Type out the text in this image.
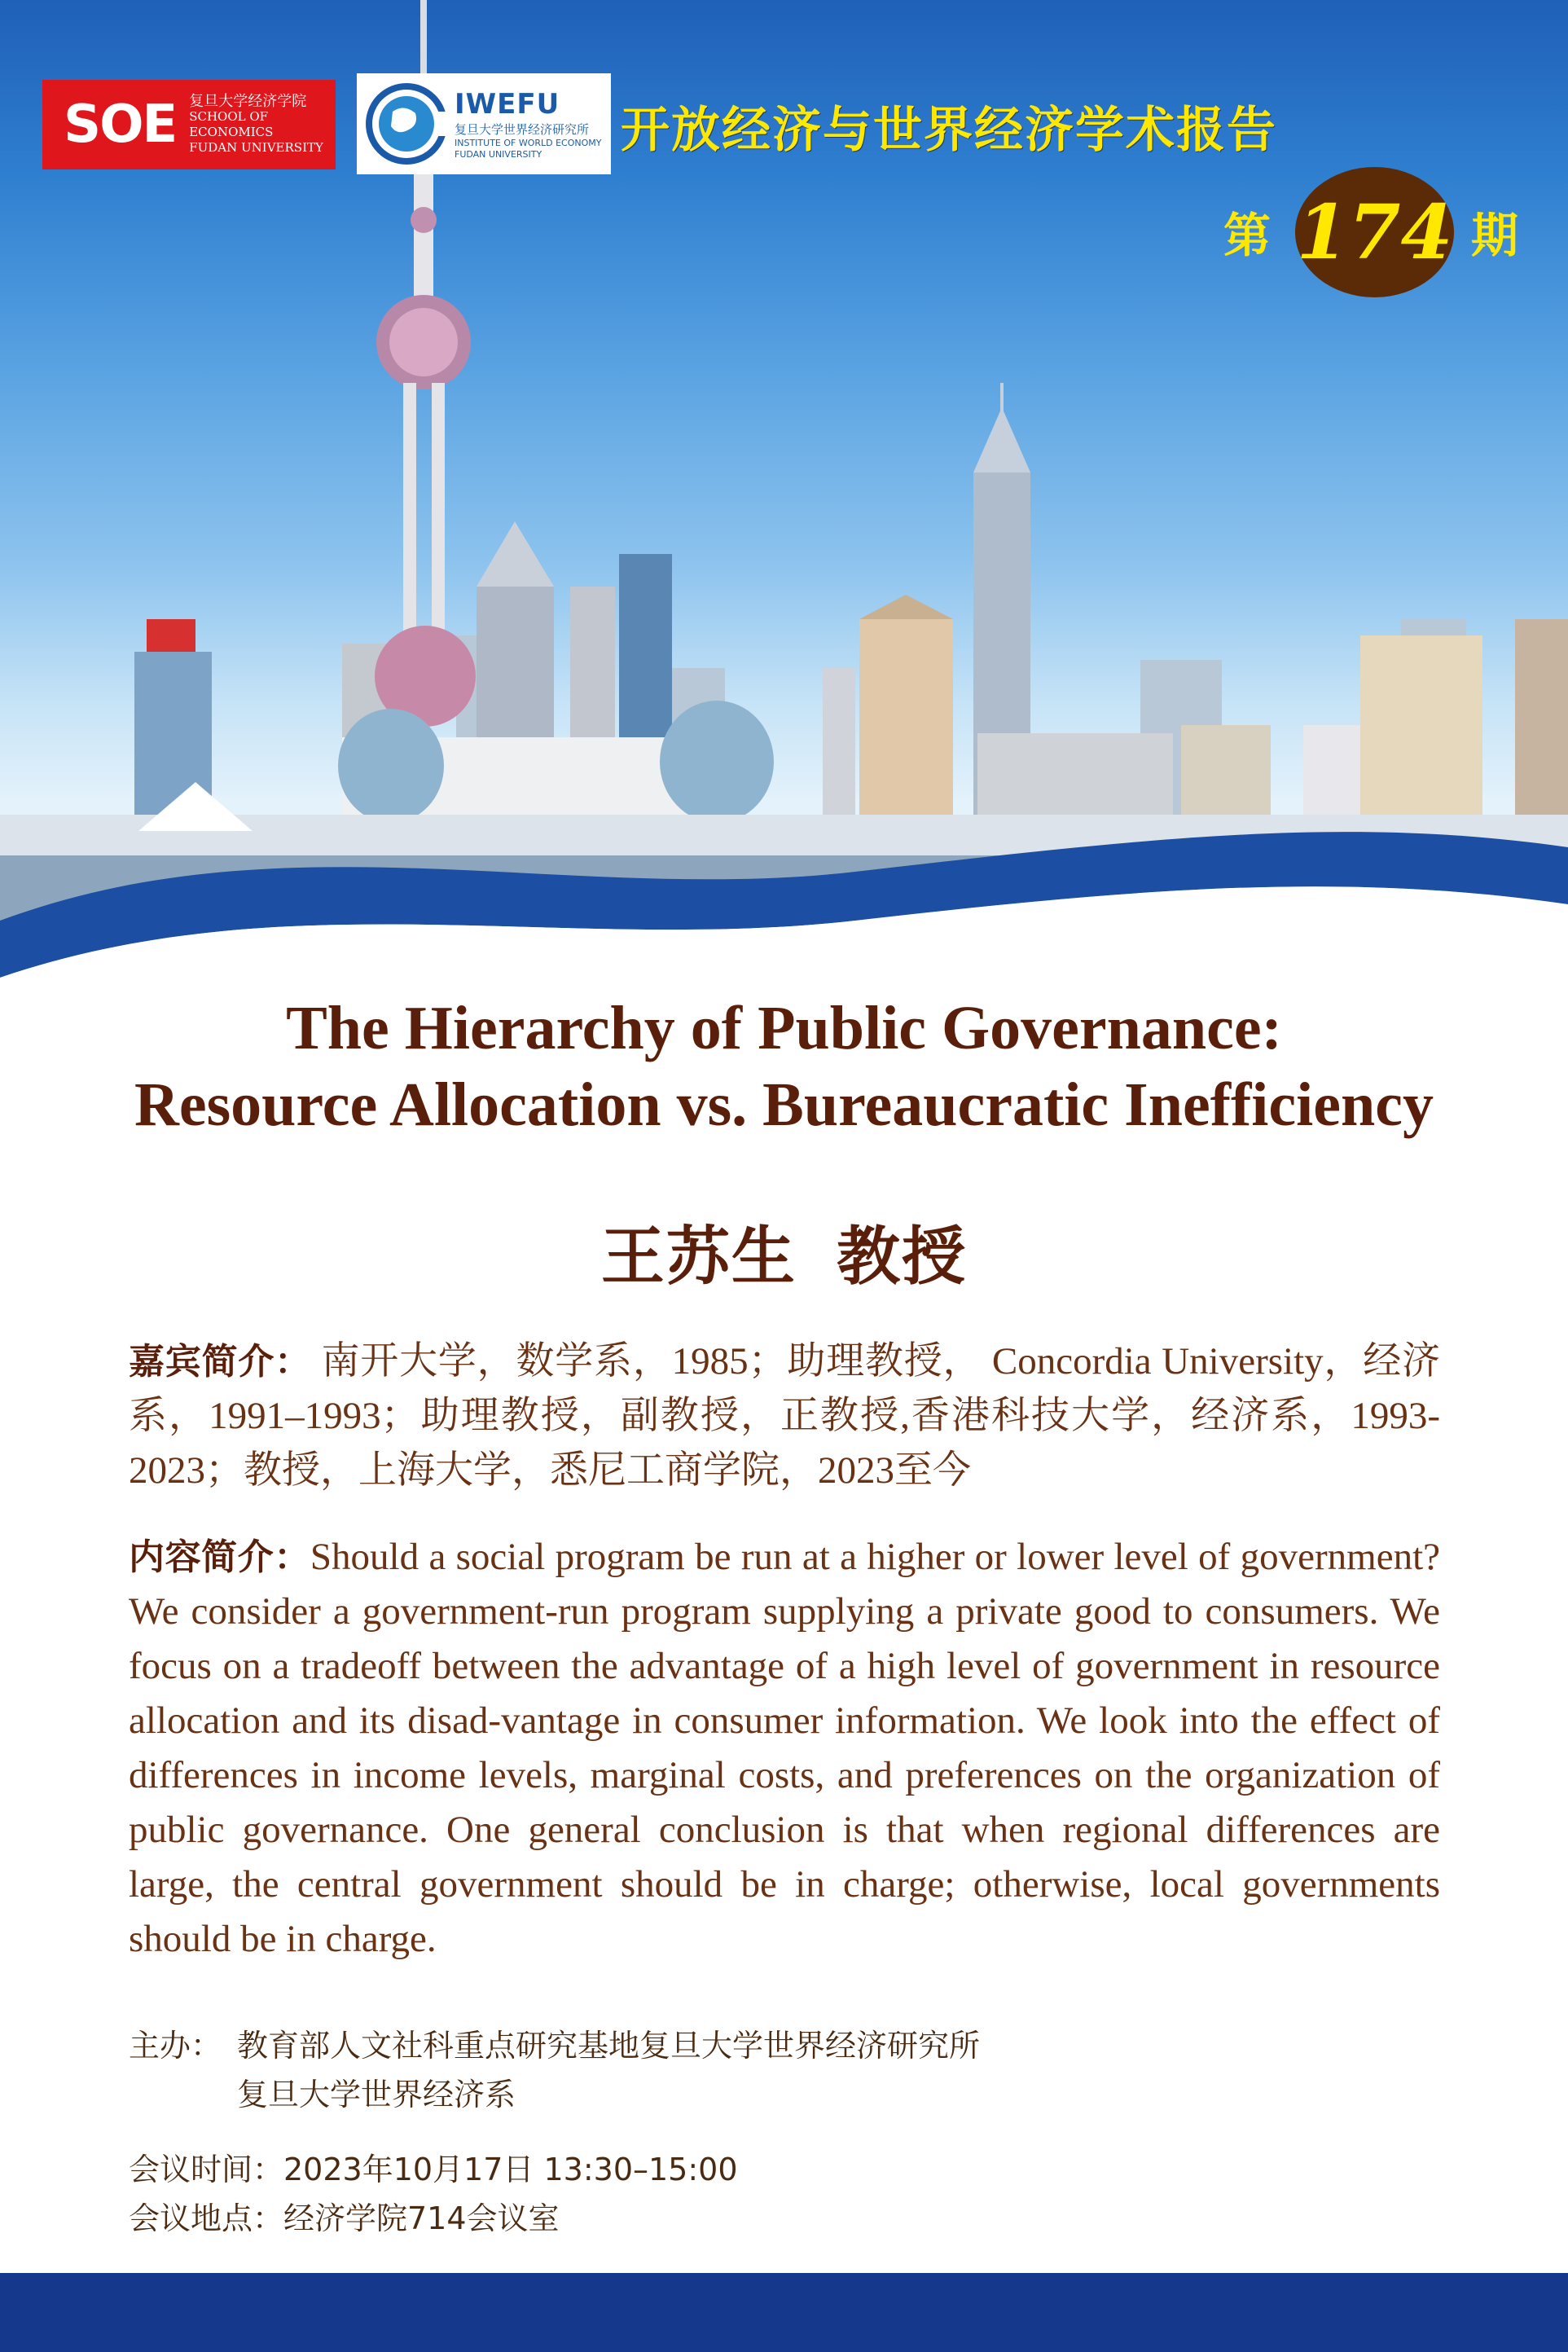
SOE 复旦大学经济学院
SCHOOL OF ECONOMICS
FUDAN UNIVERSITY
IWEFU
复旦大学世界经济研究所
INSTITUTE OF WORLD ECONOMY
FUDAN UNIVERSITY	开放经济与世界经济学术报告
第 174 期
The Hierarchy of Public Governance:
Resource Allocation vs. Bureaucratic Inefficiency
王苏生 教授
嘉宾简介： 南开大学，数学系，1985；助理教授， Concordia University，经济系，1991–1993；助理教授，副教授，正教授,香港科技大学，经济系，1993-2023；教授，上海大学，悉尼工商学院，2023至今
内容简介：Should a social program be run at a higher or lower level of government? We consider a government-run program supplying a private good to consumers. We focus on a tradeoff between the advantage of a high level of government in resource allocation and its disad-vantage in consumer information. We look into the effect of differences in income levels, marginal costs, and preferences on the organization of public governance. One general conclusion is that when regional differences are large, the central government should be in charge; otherwise, local governments should be in charge.
主办： 教育部人文社科重点研究基地复旦大学世界经济研究所
复旦大学世界经济系
会议时间：2023年10月17日 13:30–15:00
会议地点：经济学院714会议室
